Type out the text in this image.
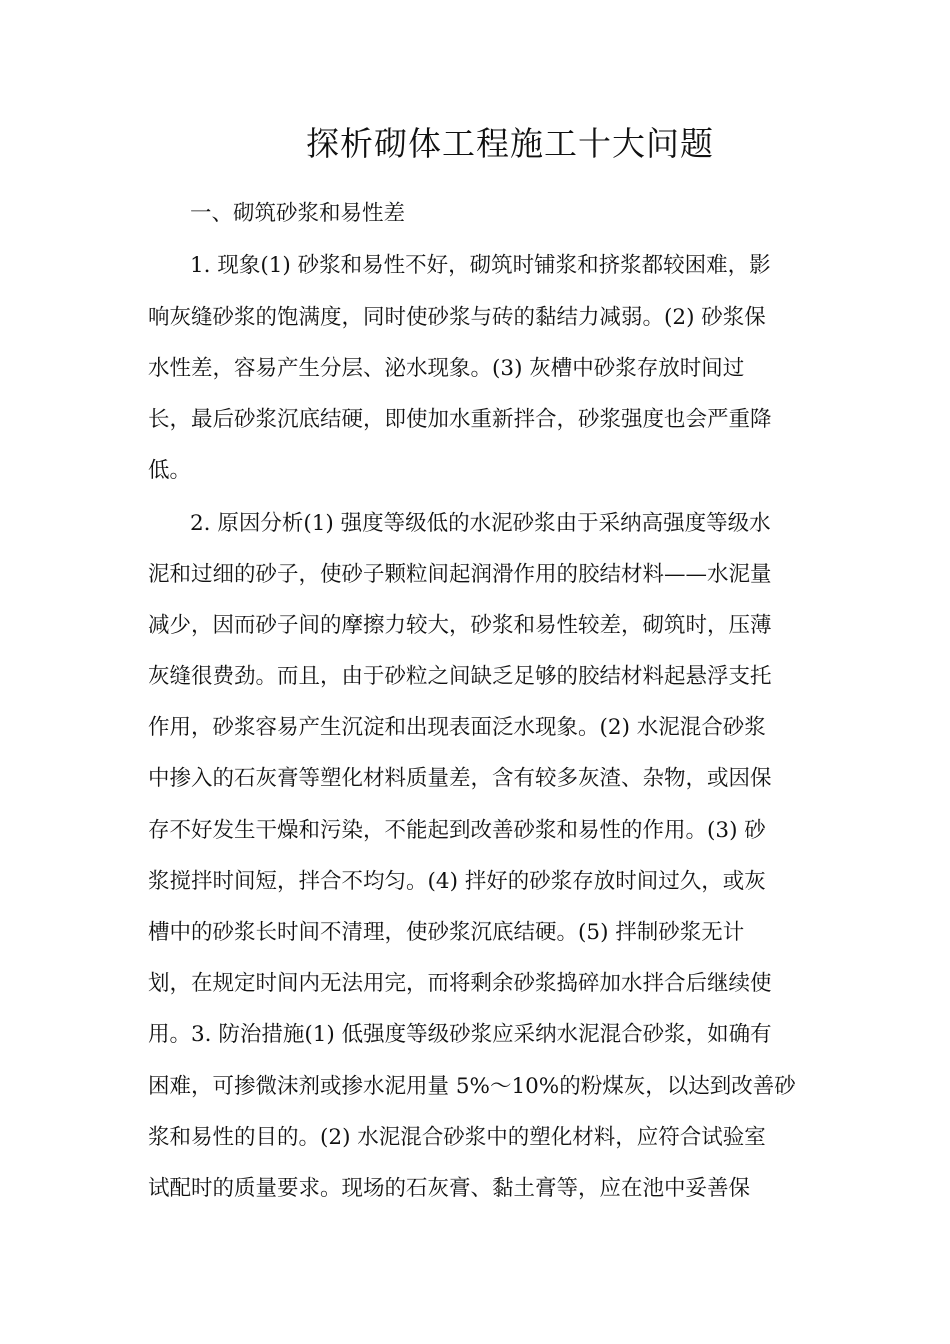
探析砌体工程施工十大问题
一、砌筑砂浆和易性差
1. 现象(1) 砂浆和易性不好，砌筑时铺浆和挤浆都较困难，影
响灰缝砂浆的饱满度，同时使砂浆与砖的黏结力减弱。(2) 砂浆保
水性差，容易产生分层、泌水现象。(3) 灰槽中砂浆存放时间过
长，最后砂浆沉底结硬，即使加水重新拌合，砂浆强度也会严重降
低。
2. 原因分析(1) 强度等级低的水泥砂浆由于采纳高强度等级水
泥和过细的砂子，使砂子颗粒间起润滑作用的胶结材料——水泥量
减少，因而砂子间的摩擦力较大，砂浆和易性较差，砌筑时，压薄
灰缝很费劲。而且，由于砂粒之间缺乏足够的胶结材料起悬浮支托
作用，砂浆容易产生沉淀和出现表面泛水现象。(2) 水泥混合砂浆
中掺入的石灰膏等塑化材料质量差，含有较多灰渣、杂物，或因保
存不好发生干燥和污染，不能起到改善砂浆和易性的作用。(3) 砂
浆搅拌时间短，拌合不均匀。(4) 拌好的砂浆存放时间过久，或灰
槽中的砂浆长时间不清理，使砂浆沉底结硬。(5) 拌制砂浆无计
划，在规定时间内无法用完，而将剩余砂浆捣碎加水拌合后继续使
用。3. 防治措施(1) 低强度等级砂浆应采纳水泥混合砂浆，如确有
困难，可掺微沫剂或掺水泥用量 5%～10%的粉煤灰，以达到改善砂
浆和易性的目的。(2) 水泥混合砂浆中的塑化材料，应符合试验室
试配时的质量要求。现场的石灰膏、黏土膏等，应在池中妥善保
